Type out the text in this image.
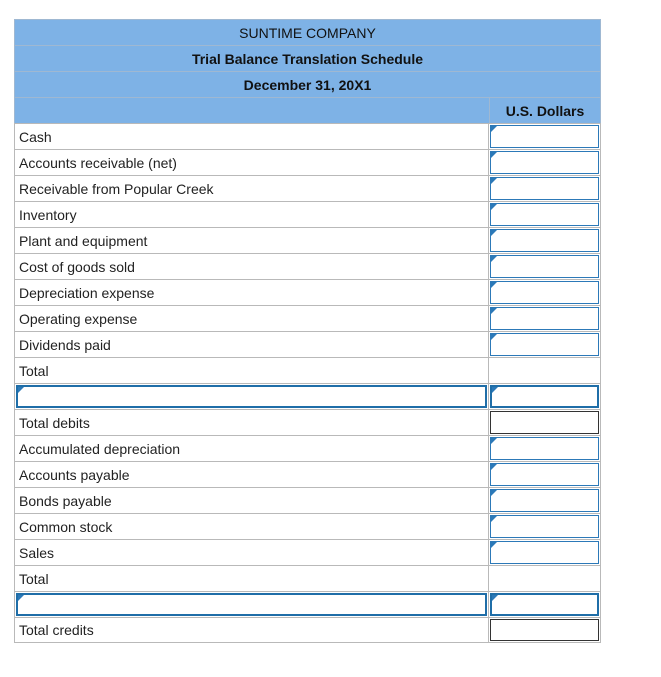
SUNTIME COMPANY
Trial Balance Translation Schedule
December 31, 20X1
U.S. Dollars
Cash
Accounts receivable (net)
Receivable from Popular Creek
Inventory
Plant and equipment
Cost of goods sold
Depreciation expense
Operating expense
Dividends paid
Total
Total debits
Accumulated depreciation
Accounts payable
Bonds payable
Common stock
Sales
Total
Total credits
